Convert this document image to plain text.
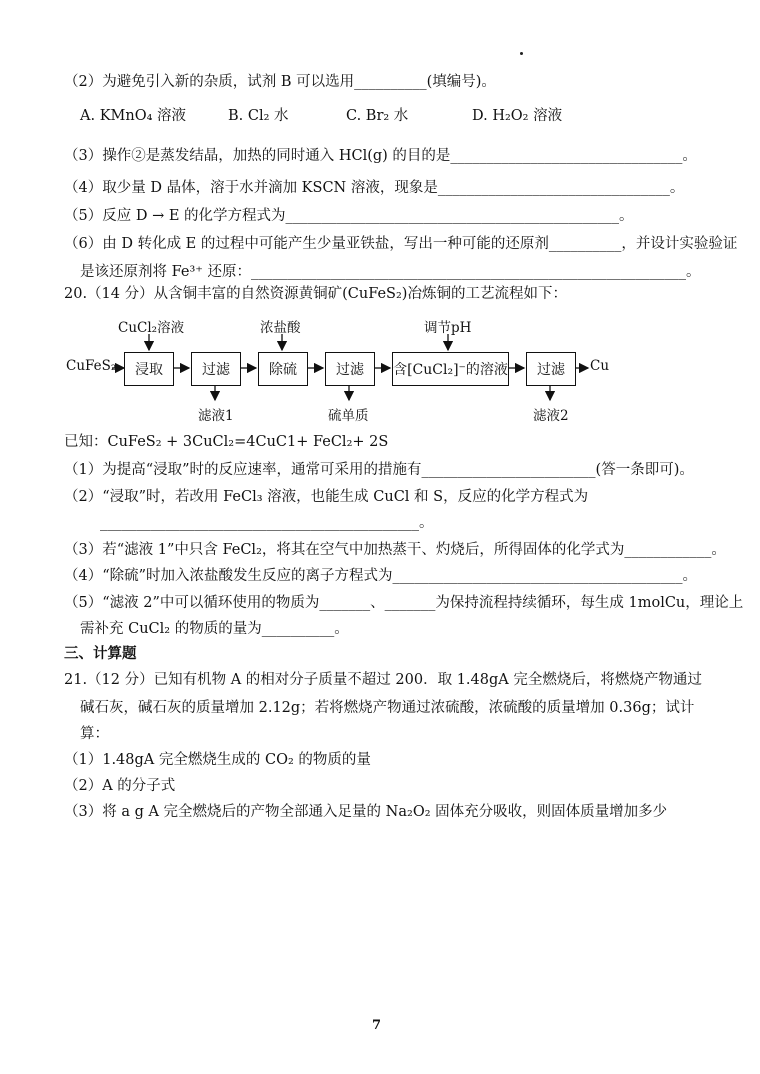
（2）为避免引入新的杂质，试剂 B 可以选用__________(填编号)。
A. KMnO₄ 溶液	B. Cl₂ 水	C. Br₂ 水	D. H₂O₂ 溶液
（3）操作②是蒸发结晶，加热的同时通入 HCl(g) 的目的是________________________________。
（4）取少量 D 晶体，溶于水并滴加 KSCN 溶液，现象是________________________________。
（5）反应 D → E 的化学方程式为______________________________________________。
（6）由 D 转化成 E 的过程中可能产生少量亚铁盐，写出一种可能的还原剂__________，并设计实验验证
是该还原剂将 Fe³⁺ 还原：____________________________________________________________。
20.（14 分）从含铜丰富的自然资源黄铜矿(CuFeS₂)冶炼铜的工艺流程如下：
CuFeS₂	Cu
浸取	过滤	除硫	过滤	含[CuCl₂]⁻的溶液	过滤
CuCl₂溶液	浓盐酸	调节pH
滤液1	硫单质	滤液2
已知：CuFeS₂ + 3CuCl₂=4CuC1+ FeCl₂+ 2S
（1）为提高“浸取”时的反应速率，通常可采用的措施有________________________(答一条即可)。
（2）“浸取”时，若改用 FeCl₃ 溶液，也能生成 CuCl 和 S，反应的化学方程式为
____________________________________________。
（3）若“滤液 1”中只含 FeCl₂，将其在空气中加热蒸干、灼烧后，所得固体的化学式为____________。
（4）“除硫”时加入浓盐酸发生反应的离子方程式为________________________________________。
（5）“滤液 2”中可以循环使用的物质为_______、_______为保持流程持续循环，每生成 1molCu，理论上
需补充 CuCl₂ 的物质的量为__________。
三、计算题
21.（12 分）已知有机物 A 的相对分子质量不超过 200．取 1.48gA 完全燃烧后，将燃烧产物通过
碱石灰，碱石灰的质量增加 2.12g；若将燃烧产物通过浓硫酸，浓硫酸的质量增加 0.36g；试计
算：
（1）1.48gA 完全燃烧生成的 CO₂ 的物质的量
（2）A 的分子式
（3）将 a g A 完全燃烧后的产物全部通入足量的 Na₂O₂ 固体充分吸收，则固体质量增加多少
7
